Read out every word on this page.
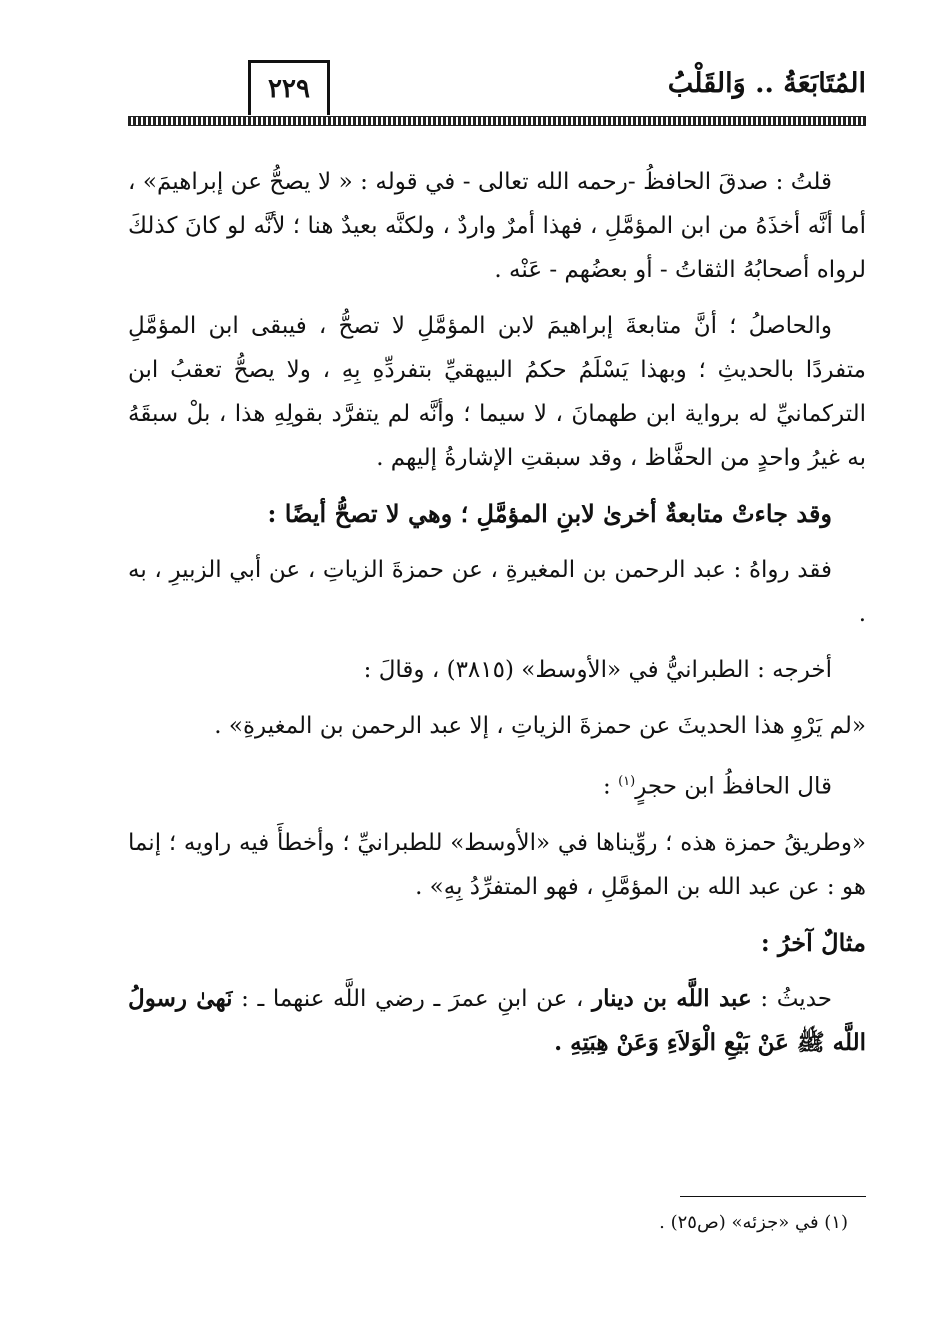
المُتَابَعَةُ .. وَالقَلْبُ
٢٢٩

قلتُ : صدقَ الحافظُ -رحمه الله تعالى - في قوله : « لا يصحُّ عن إبراهيمَ» ، أما أنَّه أخذَهُ من ابن المؤمَّلِ ، فهذا أمرٌ واردٌ ، ولكنَّه بعيدٌ هنا ؛ لأنَّه لو كانَ كذلكَ لرواه أصحابُهُ الثقاتُ - أو بعضُهم - عَنْه .

والحاصلُ ؛ أنَّ متابعةَ إبراهيمَ لابن المؤمَّلِ لا تصحُّ ، فيبقى ابن المؤمَّلِ متفردًا بالحديثِ ؛ وبهذا يَسْلَمُ حكمُ البيهقيِّ بتفردِّهِ بِهِ ، ولا يصحُّ تعقبُ ابن التركمانيِّ له برواية ابن طهمانَ ، لا سيما ؛ وأنَّه لم يتفرَّد بقولِهِ هذا ، بلْ سبقَهُ به غيرُ واحدٍ من الحفَّاظ ، وقد سبقتِ الإشارةُ إليهم .

وقد جاءتْ متابعةٌ أخرىٰ لابنِ المؤمَّلِ ؛ وهي لا تصحُّ أيضًا :

فقد رواهُ : عبد الرحمن بن المغيرةِ ، عن حمزةَ الزياتِ ، عن أبي الزبيرِ ، به .

أخرجه : الطبرانيُّ في «الأوسط» (٣٨١٥) ، وقالَ :

«لم يَرْوِ هذا الحديثَ عن حمزةَ الزياتِ ، إلا عبد الرحمن بن المغيرةِ» .

قال الحافظُ ابن حجرٍ$^{(١)}$ :

«وطريقُ حمزة هذه ؛ روِّيناها في «الأوسط» للطبرانيِّ ؛ وأخطأَ فيه راويه ؛ إنما هو : عن عبد الله بن المؤمَّلِ ، فهو المتفرِّدُ بِهِ» .

مثالٌ آخرُ :

حديثُ : عبد اللَّه بن دينار ، عن ابنِ عمرَ ـ رضي اللَّه عنهما ـ : نَهىٰ رسولُ اللَّه ﷺ عَنْ بَيْعِ الْوَلاَءِ وَعَنْ هِبَتِهِ .

(١) في «جزئه» (ص٢٥) .
